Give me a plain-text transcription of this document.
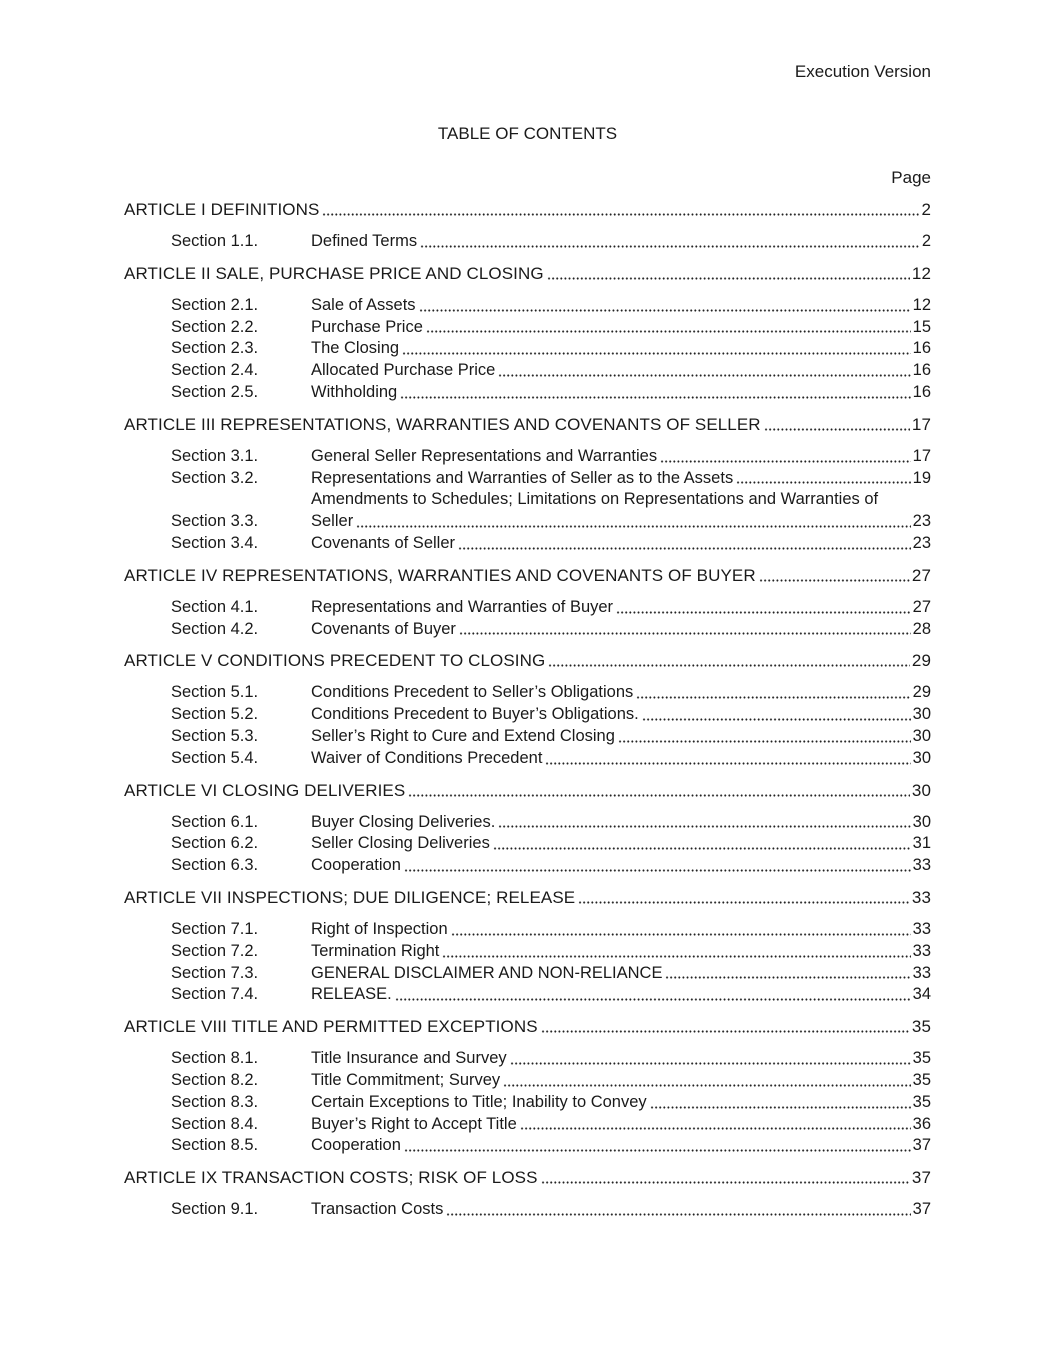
Execution Version
TABLE OF CONTENTS
Page
ARTICLE I DEFINITIONS	2
Section 1.1.	Defined Terms	2
ARTICLE II SALE, PURCHASE PRICE AND CLOSING	12
Section 2.1.	Sale of Assets	12
Section 2.2.	Purchase Price	15
Section 2.3.	The Closing	16
Section 2.4.	Allocated Purchase Price	16
Section 2.5.	Withholding	16
ARTICLE III REPRESENTATIONS, WARRANTIES AND COVENANTS OF SELLER	17
Section 3.1.	General Seller Representations and Warranties	17
Section 3.2.	Representations and Warranties of Seller as to the Assets	19
Section 3.3.
Amendments to Schedules; Limitations on Representations and Warranties of
Seller	23
Section 3.4.	Covenants of Seller	23
ARTICLE IV REPRESENTATIONS, WARRANTIES AND COVENANTS OF BUYER	27
Section 4.1.	Representations and Warranties of Buyer	27
Section 4.2.	Covenants of Buyer	28
ARTICLE V CONDITIONS PRECEDENT TO CLOSING	29
Section 5.1.	Conditions Precedent to Seller’s Obligations	29
Section 5.2.	Conditions Precedent to Buyer’s Obligations.	30
Section 5.3.	Seller’s Right to Cure and Extend Closing	30
Section 5.4.	Waiver of Conditions Precedent	30
ARTICLE VI CLOSING DELIVERIES	30
Section 6.1.	Buyer Closing Deliveries.	30
Section 6.2.	Seller Closing Deliveries	31
Section 6.3.	Cooperation	33
ARTICLE VII INSPECTIONS; DUE DILIGENCE; RELEASE	33
Section 7.1.	Right of Inspection	33
Section 7.2.	Termination Right	33
Section 7.3.	GENERAL DISCLAIMER AND NON-RELIANCE	33
Section 7.4.	RELEASE.	34
ARTICLE VIII TITLE AND PERMITTED EXCEPTIONS	35
Section 8.1.	Title Insurance and Survey	35
Section 8.2.	Title Commitment; Survey	35
Section 8.3.	Certain Exceptions to Title; Inability to Convey	35
Section 8.4.	Buyer’s Right to Accept Title	36
Section 8.5.	Cooperation	37
ARTICLE IX TRANSACTION COSTS; RISK OF LOSS	37
Section 9.1.	Transaction Costs	37
